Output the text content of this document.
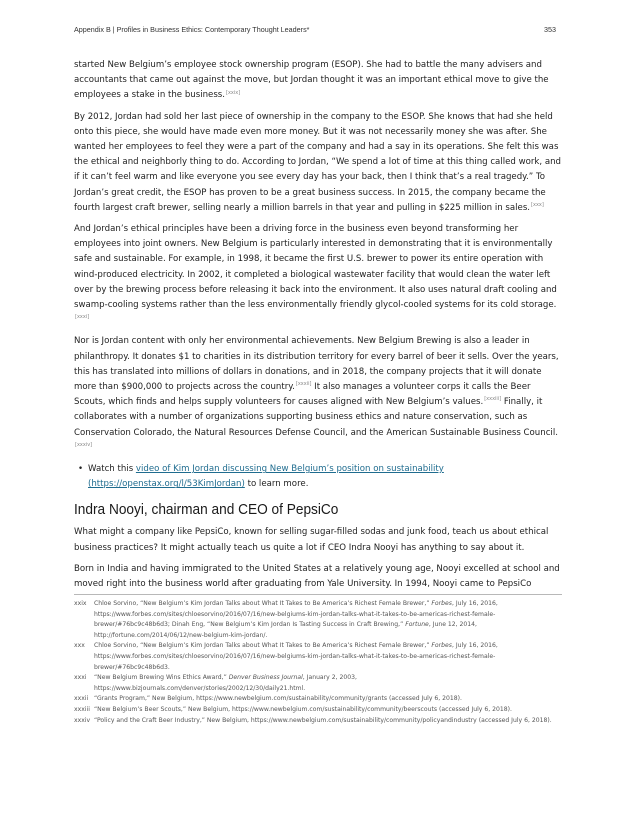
Appendix B | Profiles in Business Ethics: Contemporary Thought Leaders*	353

started New Belgium’s employee stock ownership program (ESOP). She had to battle the many advisers and accountants that came out against the move, but Jordan thought it was an important ethical move to give the employees a stake in the business.[xxix]

By 2012, Jordan had sold her last piece of ownership in the company to the ESOP. She knows that had she held onto this piece, she would have made even more money. But it was not necessarily money she was after. She wanted her employees to feel they were a part of the company and had a say in its operations. She felt this was the ethical and neighborly thing to do. According to Jordan, “We spend a lot of time at this thing called work, and if it can’t feel warm and like everyone you see every day has your back, then I think that’s a real tragedy.” To Jordan’s great credit, the ESOP has proven to be a great business success. In 2015, the company became the fourth largest craft brewer, selling nearly a million barrels in that year and pulling in $225 million in sales.[xxx]

And Jordan’s ethical principles have been a driving force in the business even beyond transforming her employees into joint owners. New Belgium is particularly interested in demonstrating that it is environmentally safe and sustainable. For example, in 1998, it became the first U.S. brewer to power its entire operation with wind-produced electricity. In 2002, it completed a biological wastewater facility that would clean the water left over by the brewing process before releasing it back into the environment. It also uses natural draft cooling and swamp-cooling systems rather than the less environmentally friendly glycol-cooled systems for its cold storage.[xxxi]

Nor is Jordan content with only her environmental achievements. New Belgium Brewing is also a leader in philanthropy. It donates $1 to charities in its distribution territory for every barrel of beer it sells. Over the years, this has translated into millions of dollars in donations, and in 2018, the company projects that it will donate more than $900,000 to projects across the country.[xxxii] It also manages a volunteer corps it calls the Beer Scouts, which finds and helps supply volunteers for causes aligned with New Belgium’s values.[xxxiii] Finally, it collaborates with a number of organizations supporting business ethics and nature conservation, such as Conservation Colorado, the Natural Resources Defense Council, and the American Sustainable Business Council.[xxxiv]

• Watch this video of Kim Jordan discussing New Belgium’s position on sustainability (https://openstax.org/l/53KimJordan) to learn more.
Indra Nooyi, chairman and CEO of PepsiCo

What might a company like PepsiCo, known for selling sugar-filled sodas and junk food, teach us about ethical business practices? It might actually teach us quite a lot if CEO Indra Nooyi has anything to say about it.

Born in India and having immigrated to the United States at a relatively young age, Nooyi excelled at school and moved right into the business world after graduating from Yale University. In 1994, Nooyi came to PepsiCo

xxix Chloe Sorvino, “New Belgium’s Kim Jordan Talks about What It Takes to Be America’s Richest Female Brewer,” Forbes, July 16, 2016, https://www.forbes.com/sites/chloesorvino/2016/07/16/new-belgiums-kim-jordan-talks-what-it-takes-to-be-americas-richest-female-brewer/#76bc9c48b6d3; Dinah Eng, “New Belgium’s Kim Jordan Is Tasting Success in Craft Brewing,” Fortune, June 12, 2014, http://fortune.com/2014/06/12/new-belgium-kim-jordan/.
xxx Chloe Sorvino, “New Belgium’s Kim Jordan Talks about What It Takes to Be America’s Richest Female Brewer,” Forbes, July 16, 2016, https://www.forbes.com/sites/chloesorvino/2016/07/16/new-belgiums-kim-jordan-talks-what-it-takes-to-be-americas-richest-female-brewer/#76bc9c48b6d3.
xxxi “New Belgium Brewing Wins Ethics Award,” Denver Business Journal, January 2, 2003, https://www.bizjournals.com/denver/stories/2002/12/30/daily21.html.
xxxii “Grants Program,” New Belgium, https://www.newbelgium.com/sustainability/community/grants (accessed July 6, 2018).
xxxiii “New Belgium’s Beer Scouts,” New Belgium, https://www.newbelgium.com/sustainability/community/beerscouts (accessed July 6, 2018).
xxxiv “Policy and the Craft Beer Industry,” New Belgium, https://www.newbelgium.com/sustainability/community/policyandindustry (accessed July 6, 2018).
